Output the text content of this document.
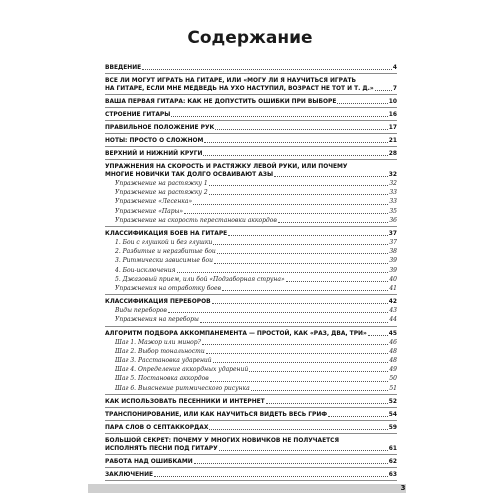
Содержание
ВВЕДЕНИЕ	4
ВСЕ ЛИ МОГУТ ИГРАТЬ НА ГИТАРЕ, ИЛИ «МОГУ ЛИ Я НАУЧИТЬСЯ ИГРАТЬ
НА ГИТАРЕ, ЕСЛИ МНЕ МЕДВЕДЬ НА УХО НАСТУПИЛ, ВОЗРАСТ НЕ ТОТ И Т. Д.»	7
ВАША ПЕРВАЯ ГИТАРА: КАК НЕ ДОПУСТИТЬ ОШИБКИ ПРИ ВЫБОРЕ	10
СТРОЕНИЕ ГИТАРЫ	16
ПРАВИЛЬНОЕ ПОЛОЖЕНИЕ РУК	17
НОТЫ: ПРОСТО О СЛОЖНОМ	21
ВЕРХНИЙ И НИЖНИЙ КРУГИ	28
УПРАЖНЕНИЯ НА СКОРОСТЬ И РАСТЯЖКУ ЛЕВОЙ РУКИ, ИЛИ ПОЧЕМУ
МНОГИЕ НОВИЧКИ ТАК ДОЛГО ОСВАИВАЮТ АЗЫ	32
Упражнение на растяжку 1	32
Упражнение на растяжку 2	33
Упражнение «Лесенка»	33
Упражнение «Пары»	35
Упражнение на скорость перестановки аккордов	36
КЛАССИФИКАЦИЯ БОЕВ НА ГИТАРЕ	37
1. Бои с глушкой и без глушки	37
2. Разбитые и неразбитые бои	38
3. Ритмически зависимые бои	39
4. Бои-исключения	39
5. Джазовый прием, или бой «Подзаборная струна»	40
Упражнения на отработку боев	41
КЛАССИФИКАЦИЯ ПЕРЕБОРОВ	42
Виды переборов	43
Упражнения на переборы	44
АЛГОРИТМ ПОДБОРА АККОМПАНЕМЕНТА — ПРОСТОЙ, КАК «РАЗ, ДВА, ТРИ»	45
Шаг 1. Мажор или минор?	46
Шаг 2. Выбор тональности	48
Шаг 3. Расстановка ударений	48
Шаг 4. Определение аккордных ударений	49
Шаг 5. Постановка аккордов	50
Шаг 6. Выяснение ритмического рисунка	51
КАК ИСПОЛЬЗОВАТЬ ПЕСЕННИКИ И ИНТЕРНЕТ	52
ТРАНСПОНИРОВАНИЕ, ИЛИ КАК НАУЧИТЬСЯ ВИДЕТЬ ВЕСЬ ГРИФ	54
ПАРА СЛОВ О СЕПТАККОРДАХ	59
БОЛЬШОЙ СЕКРЕТ: ПОЧЕМУ У МНОГИХ НОВИЧКОВ НЕ ПОЛУЧАЕТСЯ
ИСПОЛНЯТЬ ПЕСНИ ПОД ГИТАРУ	61
РАБОТА НАД ОШИБКАМИ	62
ЗАКЛЮЧЕНИЕ	63
3
